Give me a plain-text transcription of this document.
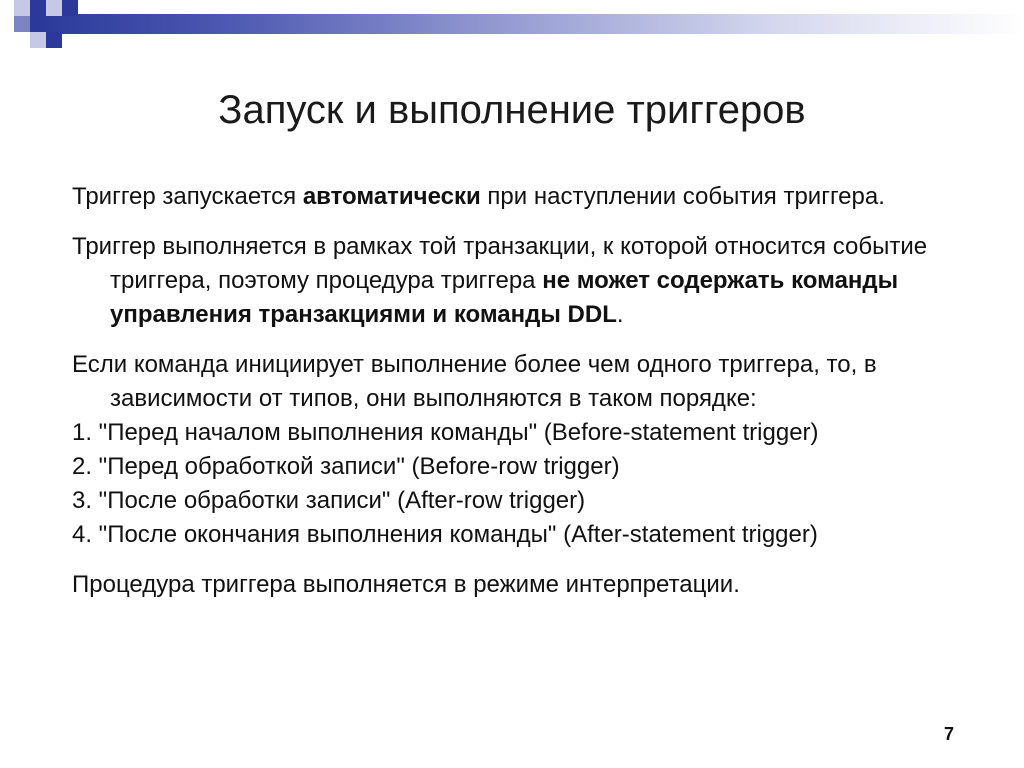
Запуск и выполнение триггеров

Триггер запускается автоматически при наступлении события триггера.

Триггер выполняется в рамках той транзакции, к которой относится событие триггера, поэтому процедура триггера не может содержать команды управления транзакциями и команды DDL.

Если команда инициирует выполнение более чем одного триггера, то, в зависимости от типов, они выполняются в таком порядке:

1. "Перед началом выполнения команды" (Before-statement trigger)

2. "Перед обработкой записи" (Before-row trigger)

3. "После обработки записи" (After-row trigger)

4. "После окончания выполнения команды" (After-statement trigger)

Процедура триггера выполняется в режиме интерпретации.

7
